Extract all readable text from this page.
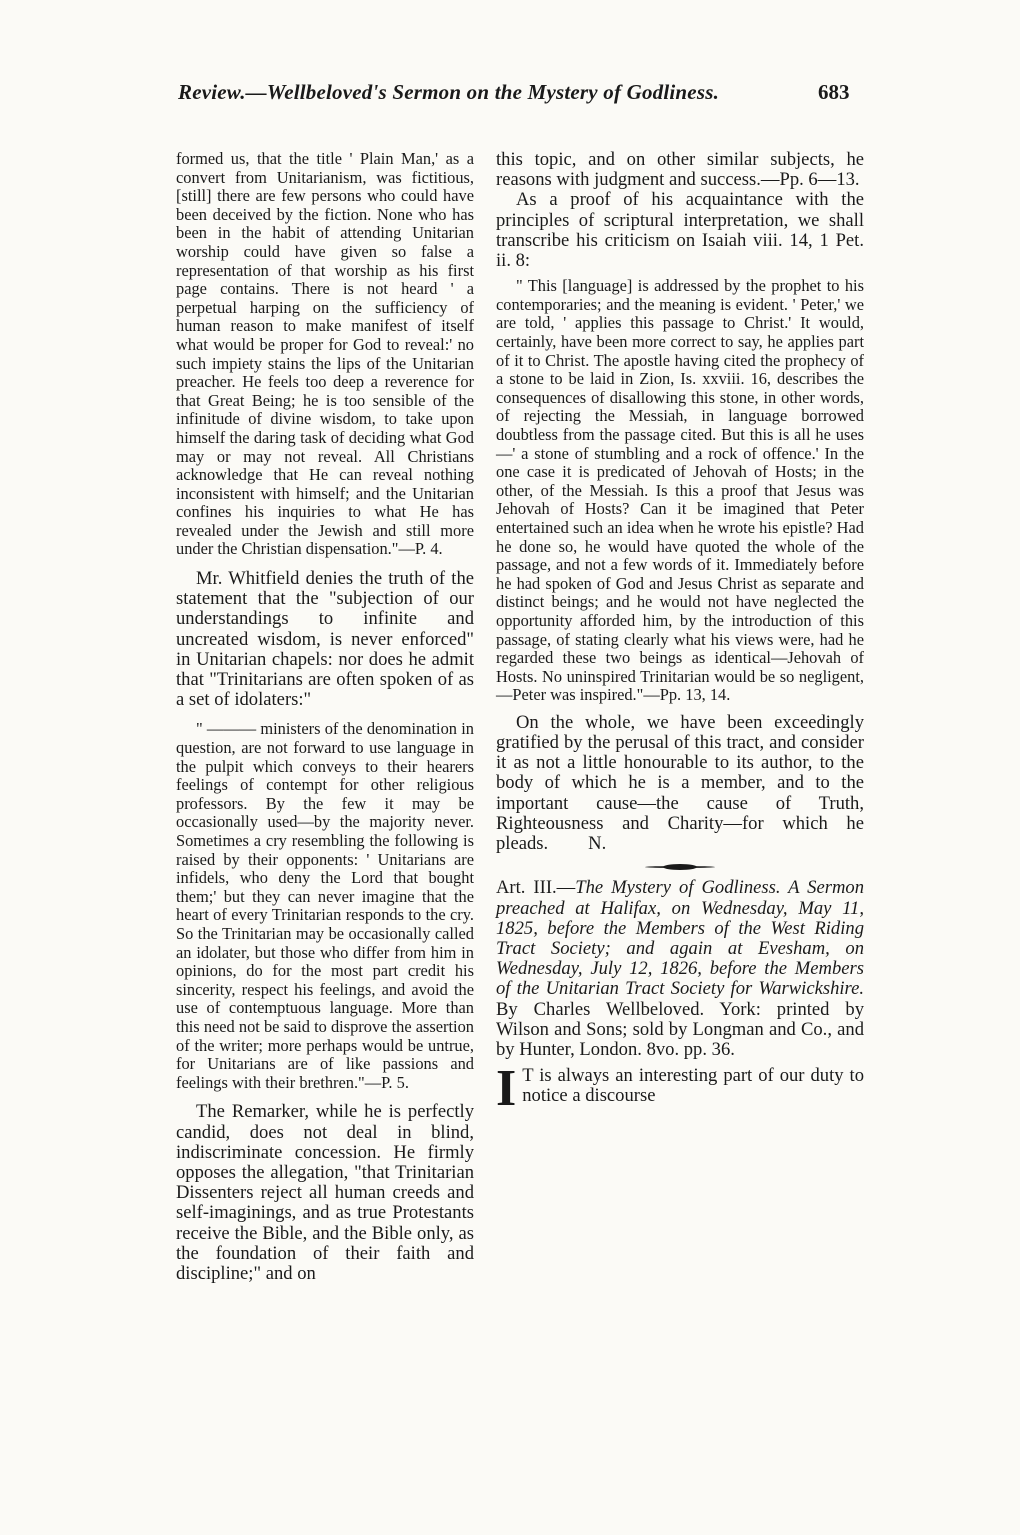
Review.—Wellbeloved's Sermon on the Mystery of Godliness.	683

formed us, that the title ' Plain Man,' as a convert from Unitarianism, was fictitious, [still] there are few persons who could have been deceived by the fiction. None who has been in the habit of attending Unitarian worship could have given so false a representation of that worship as his first page contains. There is not heard ' a perpetual harping on the sufficiency of human reason to make manifest of itself what would be proper for God to reveal:' no such impiety stains the lips of the Unitarian preacher. He feels too deep a reverence for that Great Being; he is too sensible of the infinitude of divine wisdom, to take upon himself the daring task of deciding what God may or may not reveal. All Christians acknowledge that He can reveal nothing inconsistent with himself; and the Unitarian confines his inquiries to what He has revealed under the Jewish and still more under the Christian dispensation."—P. 4.

Mr. Whitfield denies the truth of the statement that the "subjection of our understandings to infinite and uncreated wisdom, is never enforced" in Unitarian chapels: nor does he admit that "Trinitarians are often spoken of as a set of idolaters:"

" ——— ministers of the denomination in question, are not forward to use language in the pulpit which conveys to their hearers feelings of contempt for other religious professors. By the few it may be occasionally used—by the majority never. Sometimes a cry resembling the following is raised by their opponents: ' Unitarians are infidels, who deny the Lord that bought them;' but they can never imagine that the heart of every Trinitarian responds to the cry. So the Trinitarian may be occasionally called an idolater, but those who differ from him in opinions, do for the most part credit his sincerity, respect his feelings, and avoid the use of contemptuous language. More than this need not be said to disprove the assertion of the writer; more perhaps would be untrue, for Unitarians are of like passions and feelings with their brethren."—P. 5.

The Remarker, while he is perfectly candid, does not deal in blind, indiscriminate concession. He firmly opposes the allegation, "that Trinitarian Dissenters reject all human creeds and self-imaginings, and as true Protestants receive the Bible, and the Bible only, as the foundation of their faith and discipline;" and on

this topic, and on other similar subjects, he reasons with judgment and success.—Pp. 6—13.

As a proof of his acquaintance with the principles of scriptural interpretation, we shall transcribe his criticism on Isaiah viii. 14, 1 Pet. ii. 8:

" This [language] is addressed by the prophet to his contemporaries; and the meaning is evident. ' Peter,' we are told, ' applies this passage to Christ.' It would, certainly, have been more correct to say, he applies part of it to Christ. The apostle having cited the prophecy of a stone to be laid in Zion, Is. xxviii. 16, describes the consequences of disallowing this stone, in other words, of rejecting the Messiah, in language borrowed doubtless from the passage cited. But this is all he uses—' a stone of stumbling and a rock of offence.' In the one case it is predicated of Jehovah of Hosts; in the other, of the Messiah. Is this a proof that Jesus was Jehovah of Hosts? Can it be imagined that Peter entertained such an idea when he wrote his epistle? Had he done so, he would have quoted the whole of the passage, and not a few words of it. Immediately before he had spoken of God and Jesus Christ as separate and distinct beings; and he would not have neglected the opportunity afforded him, by the introduction of this passage, of stating clearly what his views were, had he regarded these two beings as identical—Jehovah of Hosts. No uninspired Trinitarian would be so negligent,—Peter was inspired."—Pp. 13, 14.

On the whole, we have been exceedingly gratified by the perusal of this tract, and consider it as not a little honourable to its author, to the body of which he is a member, and to the important cause—the cause of Truth, Righteousness and Charity—for which he pleads. N.

Art. III.—The Mystery of Godliness. A Sermon preached at Halifax, on Wednesday, May 11, 1825, before the Members of the West Riding Tract Society; and again at Evesham, on Wednesday, July 12, 1826, before the Members of the Unitarian Tract Society for Warwickshire. By Charles Wellbeloved. York: printed by Wilson and Sons; sold by Longman and Co., and by Hunter, London. 8vo. pp. 36.

I T is always an interesting part of our duty to notice a discourse
